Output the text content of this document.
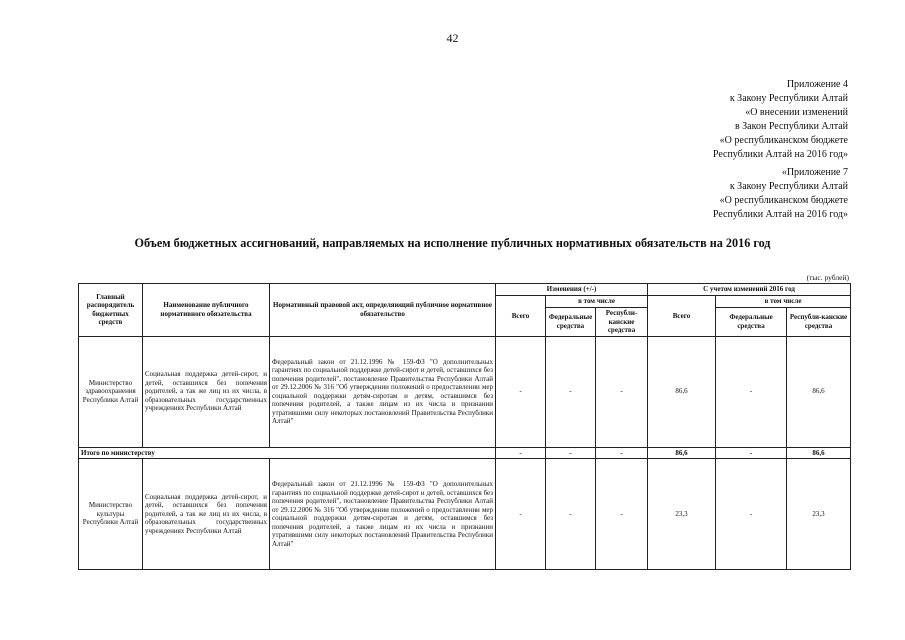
42
Приложение 4
к Закону Республики Алтай
«О внесении изменений
в Закон Республики Алтай
«О республиканском бюджете
Республики Алтай на 2016 год»
«Приложение 7
к Закону Республики Алтай
«О республиканском бюджете
Республики Алтай на 2016 год»
Объем бюджетных ассигнований, направляемых на исполнение публичных нормативных обязательств на 2016 год
(тыс. рублей)
Главный распорядитель бюджетных средств	Наименование публичного нормативного обязательства	Нормативный правовой акт, определяющий публичное нормативное обязательство	Изменения (+/-)			С учетом изменений 2016 год		
			Всего	в том числе		Всего	в том числе	
				Федеральные средства	Республи-канские средства		Федеральные средства	Республи-канские средства
Министерство здравоохранения Республики Алтай	Социальная поддержка детей-сирот, и детей, оставшихся без попечения родителей, а так же лиц из их числа, в образовательных государственных учреждениях Республики Алтай	Федеральный закон от 21.12.1996 № 159-ФЗ "О дополнительных гарантиях по социальной поддержке детей-сирот и детей, оставшихся без попечения родителей", постановление Правительства Республики Алтай от 29.12.2006 № 316 "Об утверждении положений о предоставлении мер социальной поддержки детям-сиротам и детям, оставшимся без попечения родителей, а также лицам из их числа и признании утратившими силу некоторых постановлений Правительства Республики Алтай"	-	-	-	86,6	-	86,6
Итого по министерству			-	-	-	86,6	-	86,6
Министерство культуры Республики Алтай	Социальная поддержка детей-сирот, и детей, оставшихся без попечения родителей, а так же лиц из их числа, в образовательных государственных учреждениях Республики Алтай	Федеральный закон от 21.12.1996 № 159-ФЗ "О дополнительных гарантиях по социальной поддержке детей-сирот и детей, оставшихся без попечения родителей", постановление Правительства Республики Алтай от 29.12.2006 № 316 "Об утверждении положений о предоставлении мер социальной поддержки детям-сиротам и детям, оставшимся без попечения родителей, а также лицам из их числа и признании утратившими силу некоторых постановлений Правительства Республики Алтай"	-	-	-	23,3	-	23,3
